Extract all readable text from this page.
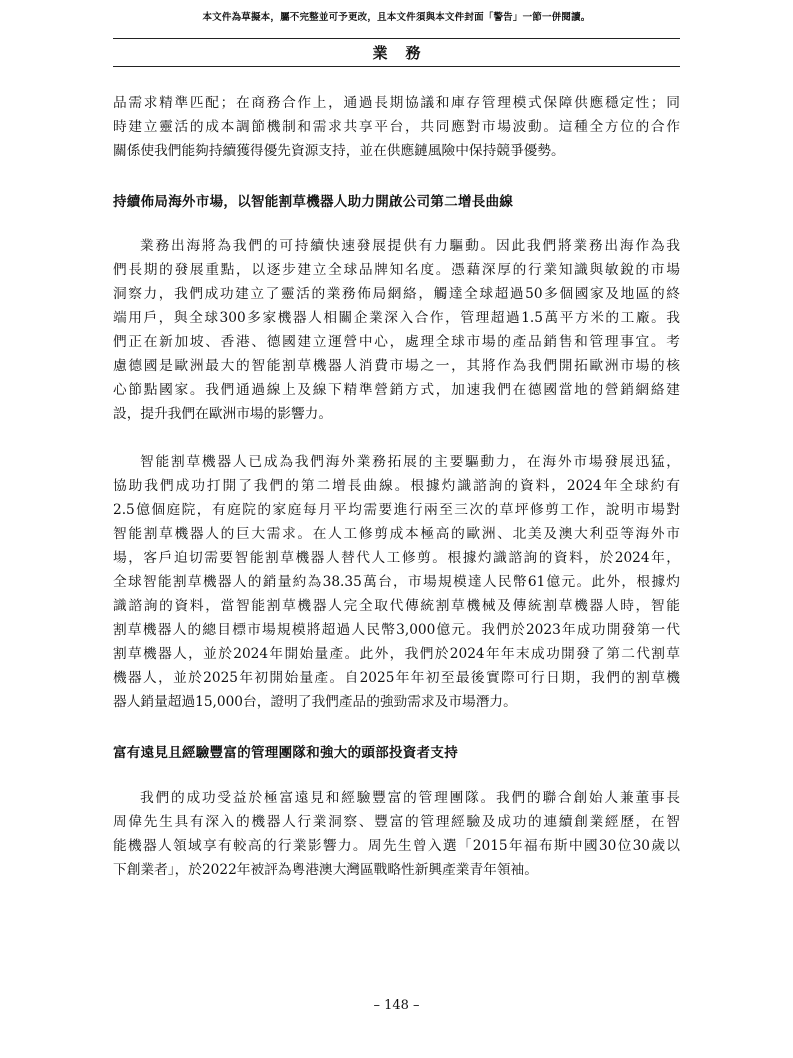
本文件為草擬本，屬不完整並可予更改，且本文件須與本文件封面「警告」一節一併閱讀。
業務
品需求精準匹配；在商務合作上，通過長期協議和庫存管理模式保障供應穩定性；同
時建立靈活的成本調節機制和需求共享平台，共同應對市場波動。這種全方位的合作
關係使我們能夠持續獲得優先資源支持，並在供應鏈風險中保持競爭優勢。
持續佈局海外市場，以智能割草機器人助力開啟公司第二增長曲線
業務出海將為我們的可持續快速發展提供有力驅動。因此我們將業務出海作為我
們長期的發展重點，以逐步建立全球品牌知名度。憑藉深厚的行業知識與敏銳的市場
洞察力，我們成功建立了靈活的業務佈局網絡，觸達全球超過50多個國家及地區的終
端用戶，與全球300多家機器人相關企業深入合作，管理超過1.5萬平方米的工廠。我
們正在新加坡、香港、德國建立運營中心，處理全球市場的產品銷售和管理事宜。考
慮德國是歐洲最大的智能割草機器人消費市場之一，其將作為我們開拓歐洲市場的核
心節點國家。我們通過線上及線下精準營銷方式，加速我們在德國當地的營銷網絡建
設，提升我們在歐洲市場的影響力。
智能割草機器人已成為我們海外業務拓展的主要驅動力，在海外市場發展迅猛，
協助我們成功打開了我們的第二增長曲線。根據灼識諮詢的資料，2024年全球約有
2.5億個庭院，有庭院的家庭每月平均需要進行兩至三次的草坪修剪工作，說明市場對
智能割草機器人的巨大需求。在人工修剪成本極高的歐洲、北美及澳大利亞等海外市
場，客戶迫切需要智能割草機器人替代人工修剪。根據灼識諮詢的資料，於2024年，
全球智能割草機器人的銷量約為38.35萬台，市場規模達人民幣61億元。此外，根據灼
識諮詢的資料，當智能割草機器人完全取代傳統割草機械及傳統割草機器人時，智能
割草機器人的總目標市場規模將超過人民幣3,000億元。我們於2023年成功開發第一代
割草機器人，並於2024年開始量產。此外，我們於2024年年末成功開發了第二代割草
機器人，並於2025年初開始量產。自2025年年初至最後實際可行日期，我們的割草機
器人銷量超過15,000台，證明了我們產品的強勁需求及市場潛力。
富有遠見且經驗豐富的管理團隊和強大的頭部投資者支持
我們的成功受益於極富遠見和經驗豐富的管理團隊。我們的聯合創始人兼董事長
周偉先生具有深入的機器人行業洞察、豐富的管理經驗及成功的連續創業經歷，在智
能機器人領域享有較高的行業影響力。周先生曾入選「2015年福布斯中國30位30歲以
下創業者」，於2022年被評為粵港澳大灣區戰略性新興產業青年領袖。
– 148 –
